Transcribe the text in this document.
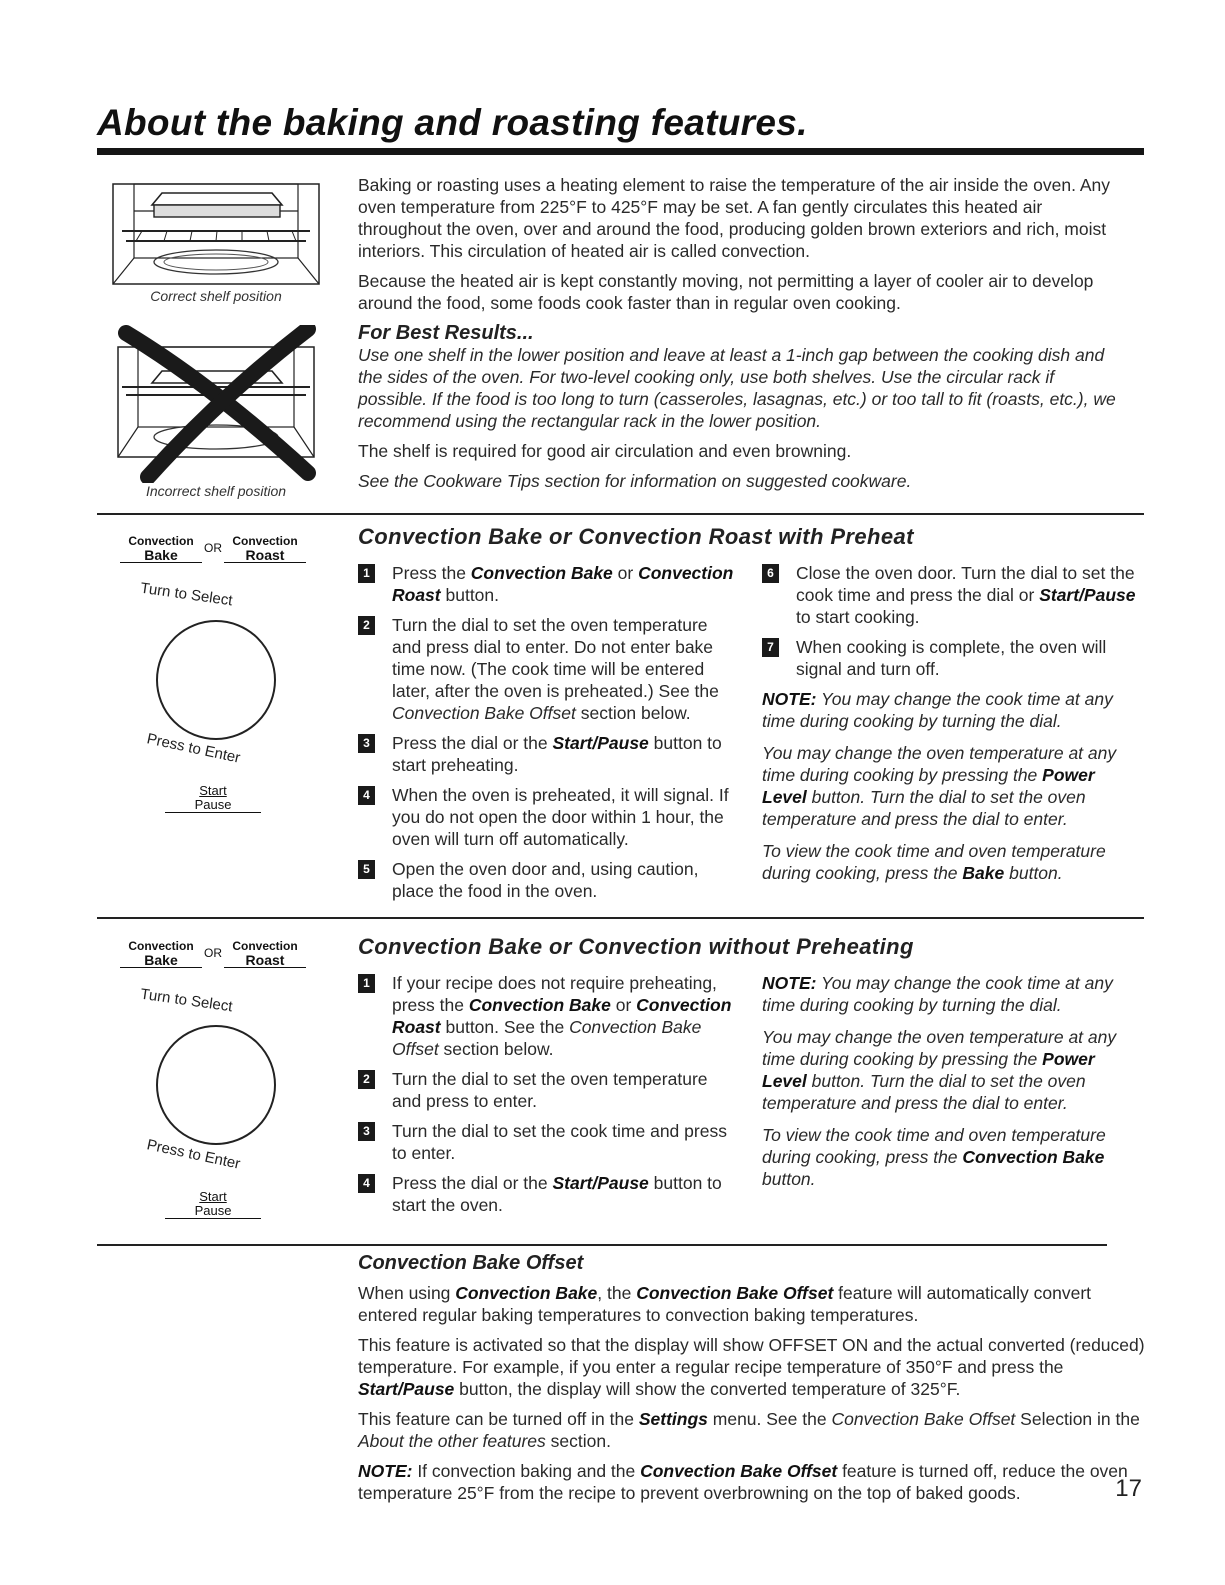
About the baking and roasting features.
Correct shelf position
Incorrect shelf position

Baking or roasting uses a heating element to raise the temperature of the air inside the oven. Any oven temperature from 225°F to 425°F may be set. A fan gently circulates this heated air throughout the oven, over and around the food, producing golden brown exteriors and rich, moist interiors. This circulation of heated air is called convection.

Because the heated air is kept constantly moving, not permitting a layer of cooler air to develop around the food, some foods cook faster than in regular oven cooking.

For Best Results...

Use one shelf in the lower position and leave at least a 1-inch gap between the cooking dish and the sides of the oven. For two-level cooking only, use both shelves. Use the circular rack if possible. If the food is too long to turn (casseroles, lasagnas, etc.) or too tall to fit (roasts, etc.), we recommend using the rectangular rack in the lower position.

The shelf is required for good air circulation and even browning.

See the Cookware Tips section for information on suggested cookware.

Convection
Bake	OR Convection
Roast
Turn to Select
Press to Enter
Start
Pause
Convection Bake or Convection Roast with Preheat
1 Press the Convection Bake or Convection Roast button.
2 Turn the dial to set the oven temperature and press dial to enter. Do not enter bake time now. (The cook time will be entered later, after the oven is preheated.) See the Convection Bake Offset section below.
3 Press the dial or the Start/Pause button to start preheating.
4 When the oven is preheated, it will signal. If you do not open the door within 1 hour, the oven will turn off automatically.
5 Open the oven door and, using caution, place the food in the oven.
6 Close the oven door. Turn the dial to set the cook time and press the dial or Start/Pause to start cooking.
7 When cooking is complete, the oven will signal and turn off.

NOTE: You may change the cook time at any time during cooking by turning the dial.

You may change the oven temperature at any time during cooking by pressing the Power Level button. Turn the dial to set the oven temperature and press the dial to enter.

To view the cook time and oven temperature during cooking, press the Bake button.

Convection
Bake	OR Convection
Roast
Turn to Select
Press to Enter
Start
Pause
Convection Bake or Convection without Preheating
1 If your recipe does not require preheating, press the Convection Bake or Convection Roast button. See the Convection Bake Offset section below.
2 Turn the dial to set the oven temperature and press to enter.
3 Turn the dial to set the cook time and press to enter.
4 Press the dial or the Start/Pause button to start the oven.

NOTE: You may change the cook time at any time during cooking by turning the dial.

You may change the oven temperature at any time during cooking by pressing the Power Level button. Turn the dial to set the oven temperature and press the dial to enter.

To view the cook time and oven temperature during cooking, press the Convection Bake button.

Convection Bake Offset

When using Convection Bake, the Convection Bake Offset feature will automatically convert entered regular baking temperatures to convection baking temperatures.

This feature is activated so that the display will show OFFSET ON and the actual converted (reduced) temperature. For example, if you enter a regular recipe temperature of 350°F and press the Start/Pause button, the display will show the converted temperature of 325°F.

This feature can be turned off in the Settings menu. See the Convection Bake Offset Selection in the About the other features section.

NOTE: If convection baking and the Convection Bake Offset feature is turned off, reduce the oven temperature 25°F from the recipe to prevent overbrowning on the top of baked goods.	17
